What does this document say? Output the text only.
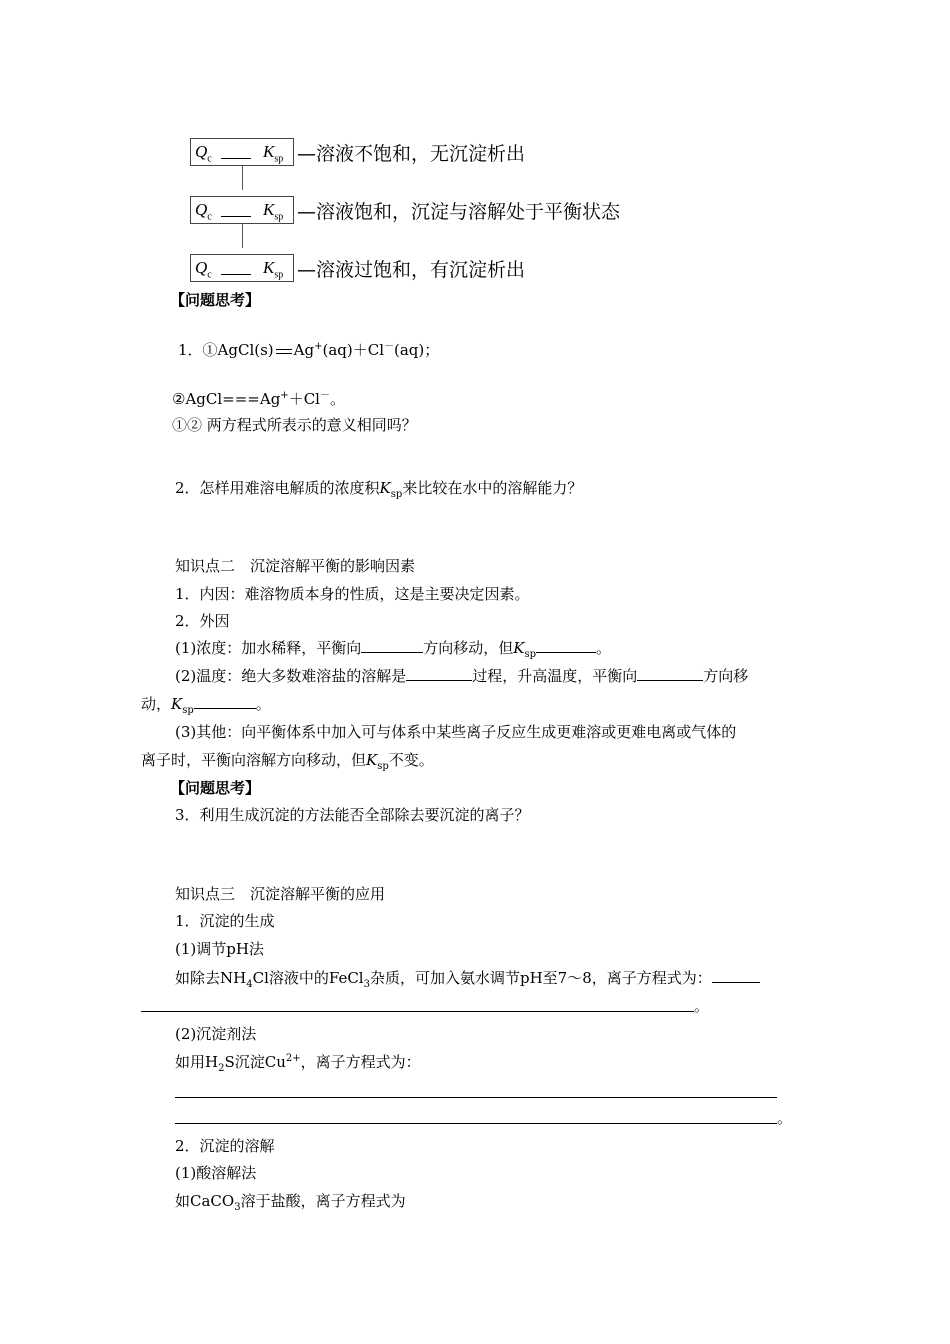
$Q_c$	$K_{sp}$ —溶液不饱和，无沉淀析出
$Q_c$	$K_{sp}$ —溶液饱和，沉淀与溶解处于平衡状态
$Q_c$	$K_{sp}$ —溶液过饱和，有沉淀析出
【问题思考】
1．①AgCl(s) Ag+(aq)＋Cl－(aq)；
②AgCl===Ag+＋Cl－。
①② 两方程式所表示的意义相同吗？
2．怎样用难溶电解质的浓度积$K_{sp}$来比较在水中的溶解能力？
知识点二　沉淀溶解平衡的影响因素
1．内因：难溶物质本身的性质，这是主要决定因素。
2．外因
(1)浓度：加水稀释，平衡向	方向移动，但$K_{sp}$	。
(2)温度：绝大多数难溶盐的溶解是	过程，升高温度，平衡向	方向移
动，$K_{sp}$	。
(3)其他：向平衡体系中加入可与体系中某些离子反应生成更难溶或更难电离或气体的
离子时，平衡向溶解方向移动，但$K_{sp}$不变。
【问题思考】
3．利用生成沉淀的方法能否全部除去要沉淀的离子？
知识点三　沉淀溶解平衡的应用
1．沉淀的生成
(1)调节pH法
如除去$NH_4Cl$溶液中的FeCl$_3$杂质，可加入氨水调节pH至7～8，离子方程式为：
。
(2)沉淀剂法
如用$H_2S$沉淀$Cu^{2+}$，离子方程式为：
。
2．沉淀的溶解
(1)酸溶解法
如CaCO$_3$溶于盐酸，离子方程式为
